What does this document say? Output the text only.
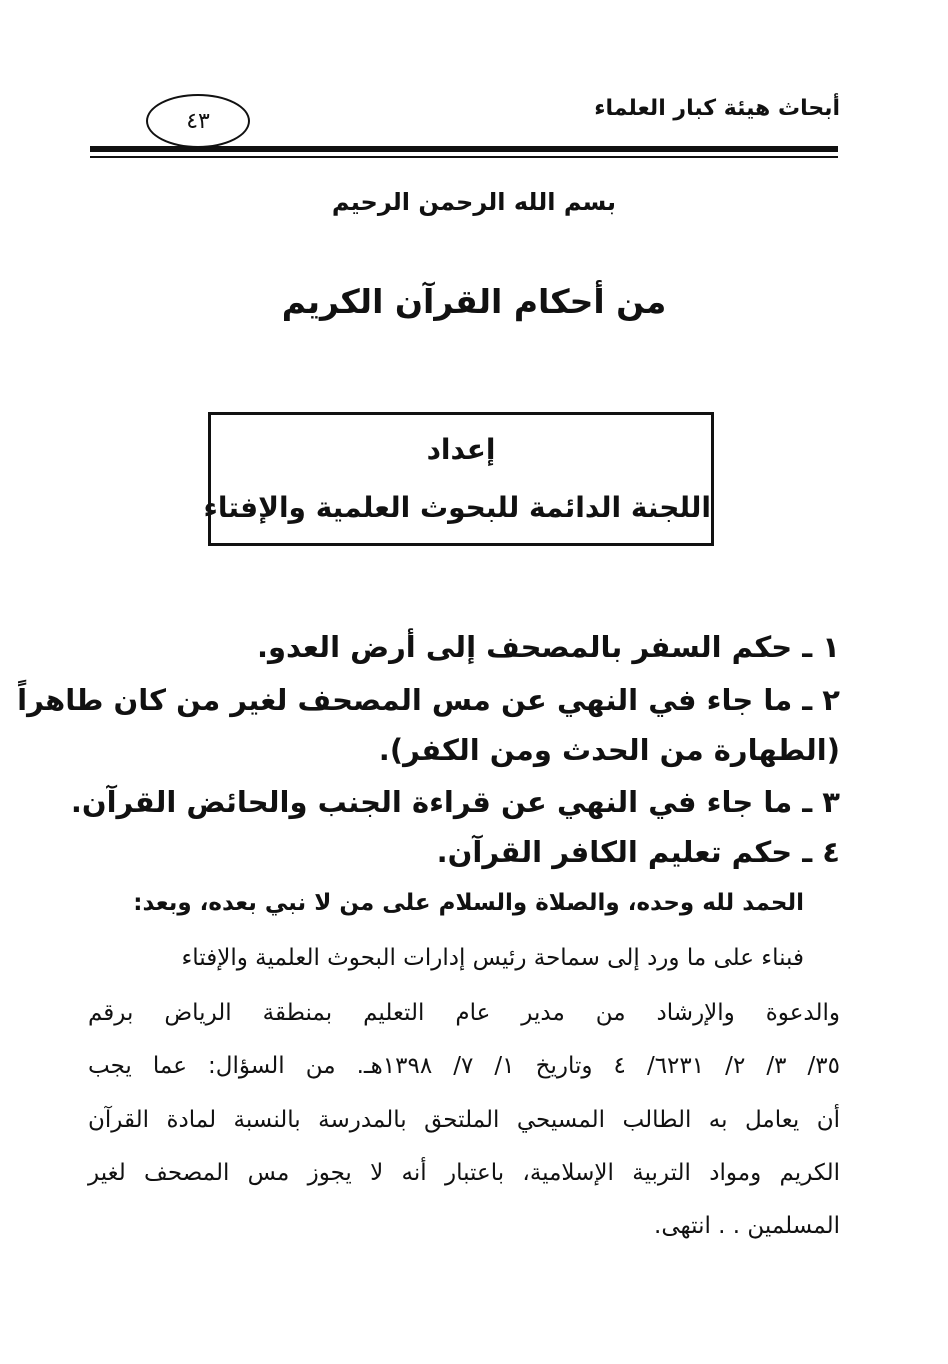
أبحاث هيئة كبار العلماء
٤٣
بسم الله الرحمن الرحيم
من أحكام القرآن الكريم
إعداد
اللجنة الدائمة للبحوث العلمية والإفتاء
١ ـ حكم السفر بالمصحف إلى أرض العدو.
٢ ـ ما جاء في النهي عن مس المصحف لغير من كان طاهراً
(الطهارة من الحدث ومن الكفر).
٣ ـ ما جاء في النهي عن قراءة الجنب والحائض القرآن.
٤ ـ حكم تعليم الكافر القرآن.
الحمد لله وحده، والصلاة والسلام على من لا نبي بعده، وبعد:
فبناء على ما ورد إلى سماحة رئيس إدارات البحوث العلمية والإفتاء
والدعوة والإرشاد من مدير عام التعليم بمنطقة الرياض برقم
٣٥/ ٣/ ٢/ ٦٢٣١/ ٤ وتاريخ ١/ ٧/ ١٣٩٨هـ. من السؤال: عما يجب
أن يعامل به الطالب المسيحي الملتحق بالمدرسة بالنسبة لمادة القرآن
الكريم ومواد التربية الإسلامية، باعتبار أنه لا يجوز مس المصحف لغير
المسلمين . . انتهى.
